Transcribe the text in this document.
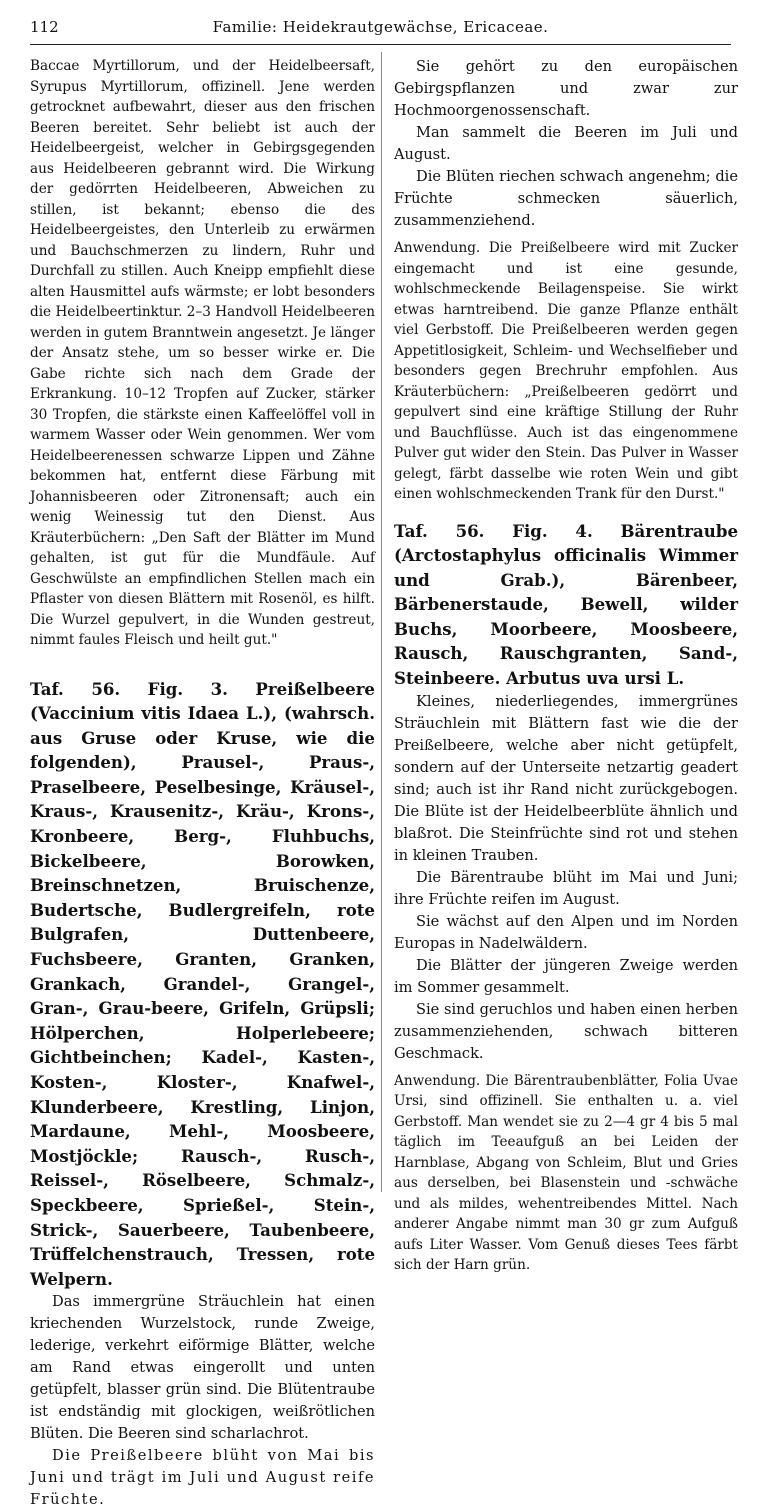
112	Familie: Heidekrautgewächse, Ericaceae.

Baccae Myrtillorum, und der Heidelbeersaft, Syrupus Myrtillorum, offizinell. Jene werden getrocknet aufbewahrt, dieser aus den frischen Beeren bereitet. Sehr beliebt ist auch der Heidelbeergeist, welcher in Gebirgsgegenden aus Heidelbeeren gebrannt wird. Die Wirkung der gedörrten Heidelbeeren, Abweichen zu stillen, ist bekannt; ebenso die des Heidelbeergeistes, den Unterleib zu erwärmen und Bauchschmerzen zu lindern, Ruhr und Durchfall zu stillen. Auch Kneipp empfiehlt diese alten Hausmittel aufs wärmste; er lobt besonders die Heidelbeertinktur. 2–3 Handvoll Heidelbeeren werden in gutem Branntwein angesetzt. Je länger der Ansatz stehe, um so besser wirke er. Die Gabe richte sich nach dem Grade der Erkrankung. 10–12 Tropfen auf Zucker, stärker 30 Tropfen, die stärkste einen Kaffeelöffel voll in warmem Wasser oder Wein genommen. Wer vom Heidelbeerenessen schwarze Lippen und Zähne bekommen hat, entfernt diese Färbung mit Johannisbeeren oder Zitronensaft; auch ein wenig Weinessig tut den Dienst. Aus Kräuterbüchern: „Den Saft der Blätter im Mund gehalten, ist gut für die Mundfäule. Auf Geschwülste an empfindlichen Stellen mach ein Pflaster von diesen Blättern mit Rosenöl, es hilft. Die Wurzel gepulvert, in die Wunden gestreut, nimmt faules Fleisch und heilt gut."

Taf. 56. Fig. 3. Preißelbeere (Vaccinium vitis Idaea L.), (wahrsch. aus Gruse oder Kruse, wie die folgenden), Prausel-, Praus-, Praselbeere, Peselbesinge, Kräusel-, Kraus-, Krausenitz-, Kräu-, Krons-, Kronbeere, Berg-, Fluhbuchs, Bickelbeere, Borowken, Breinschnetzen, Bruischenze, Budertsche, Budlergreifeln, rote Bulgrafen, Duttenbeere, Fuchsbeere, Granten, Granken, Grankach, Grandel-, Grangel-, Gran-, Grau-beere, Grifeln, Grüpsli; Hölperchen, Holperlebeere; Gichtbeinchen; Kadel-, Kasten-, Kosten-, Kloster-, Knafwel-, Klunderbeere, Krestling, Linjon, Mardaune, Mehl-, Moosbeere, Mostjöckle; Rausch-, Rusch-, Reissel-, Röselbeere, Schmalz-, Speckbeere, Sprießel-, Stein-, Strick-, Sauerbeere, Taubenbeere, Trüffelchenstrauch, Tressen, rote Welpern.

Das immergrüne Sträuchlein hat einen kriechenden Wurzelstock, runde Zweige, lederige, verkehrt eiförmige Blätter, welche am Rand etwas eingerollt und unten getüpfelt, blasser grün sind. Die Blütentraube ist endständig mit glockigen, weißrötlichen Blüten. Die Beeren sind scharlachrot.

Die Preißelbeere blüht von Mai bis Juni und trägt im Juli und August reife Früchte.

Sie gehört zu den europäischen Gebirgspflanzen und zwar zur Hochmoorgenossenschaft.

Man sammelt die Beeren im Juli und August.

Die Blüten riechen schwach angenehm; die Früchte schmecken säuerlich, zusammenziehend.

Anwendung. Die Preißelbeere wird mit Zucker eingemacht und ist eine gesunde, wohlschmeckende Beilagenspeise. Sie wirkt etwas harntreibend. Die ganze Pflanze enthält viel Gerbstoff. Die Preißelbeeren werden gegen Appetitlosigkeit, Schleim- und Wechselfieber und besonders gegen Brechruhr empfohlen. Aus Kräuterbüchern: „Preißelbeeren gedörrt und gepulvert sind eine kräftige Stillung der Ruhr und Bauchflüsse. Auch ist das eingenommene Pulver gut wider den Stein. Das Pulver in Wasser gelegt, färbt dasselbe wie roten Wein und gibt einen wohlschmeckenden Trank für den Durst."

Taf. 56. Fig. 4. Bärentraube (Arctostaphylus officinalis Wimmer und Grab.), Bärenbeer, Bärbenerstaude, Bewell, wilder Buchs, Moorbeere, Moosbeere, Rausch, Rauschgranten, Sand-, Steinbeere. Arbutus uva ursi L.

Kleines, niederliegendes, immergrünes Sträuchlein mit Blättern fast wie die der Preißelbeere, welche aber nicht getüpfelt, sondern auf der Unterseite netzartig geadert sind; auch ist ihr Rand nicht zurückgebogen. Die Blüte ist der Heidelbeerblüte ähnlich und blaßrot. Die Steinfrüchte sind rot und stehen in kleinen Trauben.

Die Bärentraube blüht im Mai und Juni; ihre Früchte reifen im August.

Sie wächst auf den Alpen und im Norden Europas in Nadelwäldern.

Die Blätter der jüngeren Zweige werden im Sommer gesammelt.

Sie sind geruchlos und haben einen herben zusammenziehenden, schwach bitteren Geschmack.

Anwendung. Die Bärentraubenblätter, Folia Uvae Ursi, sind offizinell. Sie enthalten u. a. viel Gerbstoff. Man wendet sie zu 2—4 gr 4 bis 5 mal täglich im Teeaufguß an bei Leiden der Harnblase, Abgang von Schleim, Blut und Gries aus derselben, bei Blasenstein und -schwäche und als mildes, wehentreibendes Mittel. Nach anderer Angabe nimmt man 30 gr zum Aufguß aufs Liter Wasser. Vom Genuß dieses Tees färbt sich der Harn grün.
